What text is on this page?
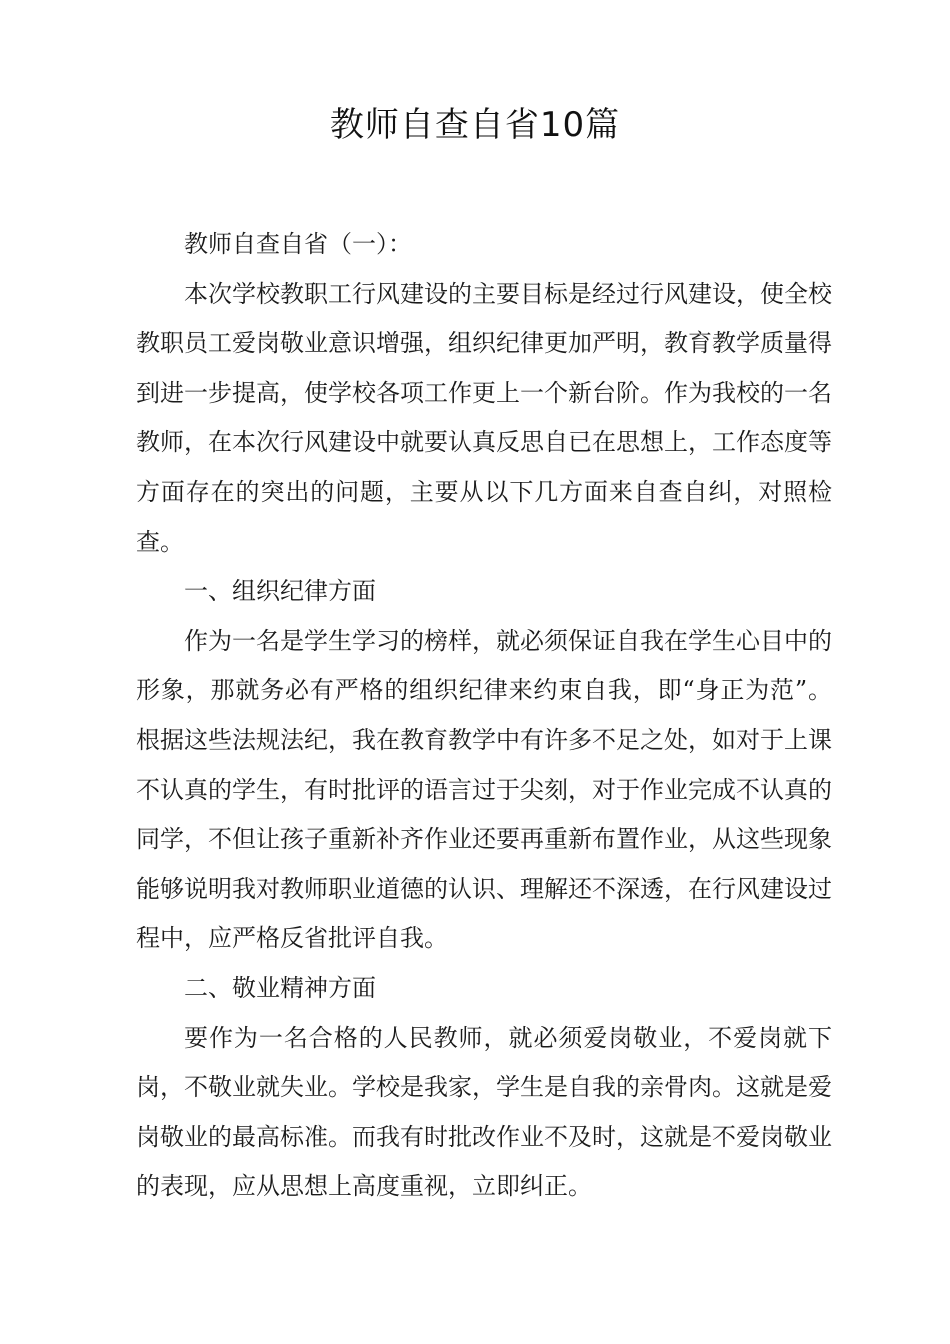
教师自查自省10篇

教师自查自省（一）：

本次学校教职工行风建设的主要目标是经过行风建设，使全校教职员工爱岗敬业意识增强，组织纪律更加严明，教育教学质量得到进一步提高，使学校各项工作更上一个新台阶。作为我校的一名教师，在本次行风建设中就要认真反思自已在思想上，工作态度等方面存在的突出的问题，主要从以下几方面来自查自纠，对照检查。

一、组织纪律方面

作为一名是学生学习的榜样，就必须保证自我在学生心目中的形象，那就务必有严格的组织纪律来约束自我，即“身正为范”。根据这些法规法纪，我在教育教学中有许多不足之处，如对于上课不认真的学生，有时批评的语言过于尖刻，对于作业完成不认真的同学，不但让孩子重新补齐作业还要再重新布置作业，从这些现象能够说明我对教师职业道德的认识、理解还不深透，在行风建设过程中，应严格反省批评自我。

二、敬业精神方面

要作为一名合格的人民教师，就必须爱岗敬业，不爱岗就下岗，不敬业就失业。学校是我家，学生是自我的亲骨肉。这就是爱岗敬业的最高标准。而我有时批改作业不及时，这就是不爱岗敬业的表现，应从思想上高度重视，立即纠正。
